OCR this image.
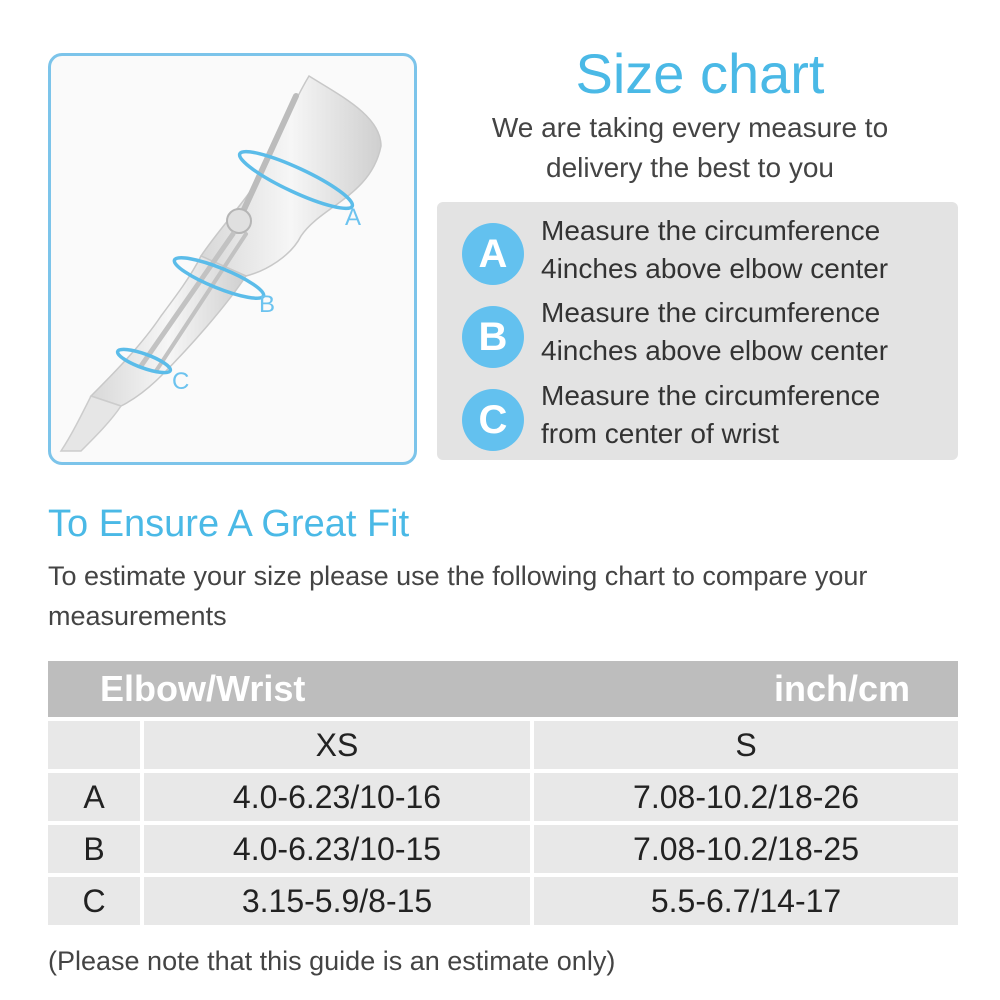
A
B
C
Size chart
We are taking every measure to
delivery the best to you
A
Measure the circumference
4inches above elbow center
B
Measure the circumference
4inches above elbow center
C
Measure the circumference
from center of wrist
To Ensure A Great Fit
To estimate your size please use the following chart to compare your measurements
Elbow/Wrist		inch/cm
	XS	S
A	4.0-6.23/10-16	7.08-10.2/18-26
B	4.0-6.23/10-15	7.08-10.2/18-25
C	3.15-5.9/8-15	5.5-6.7/14-17
(Please note that this guide is an estimate only)
